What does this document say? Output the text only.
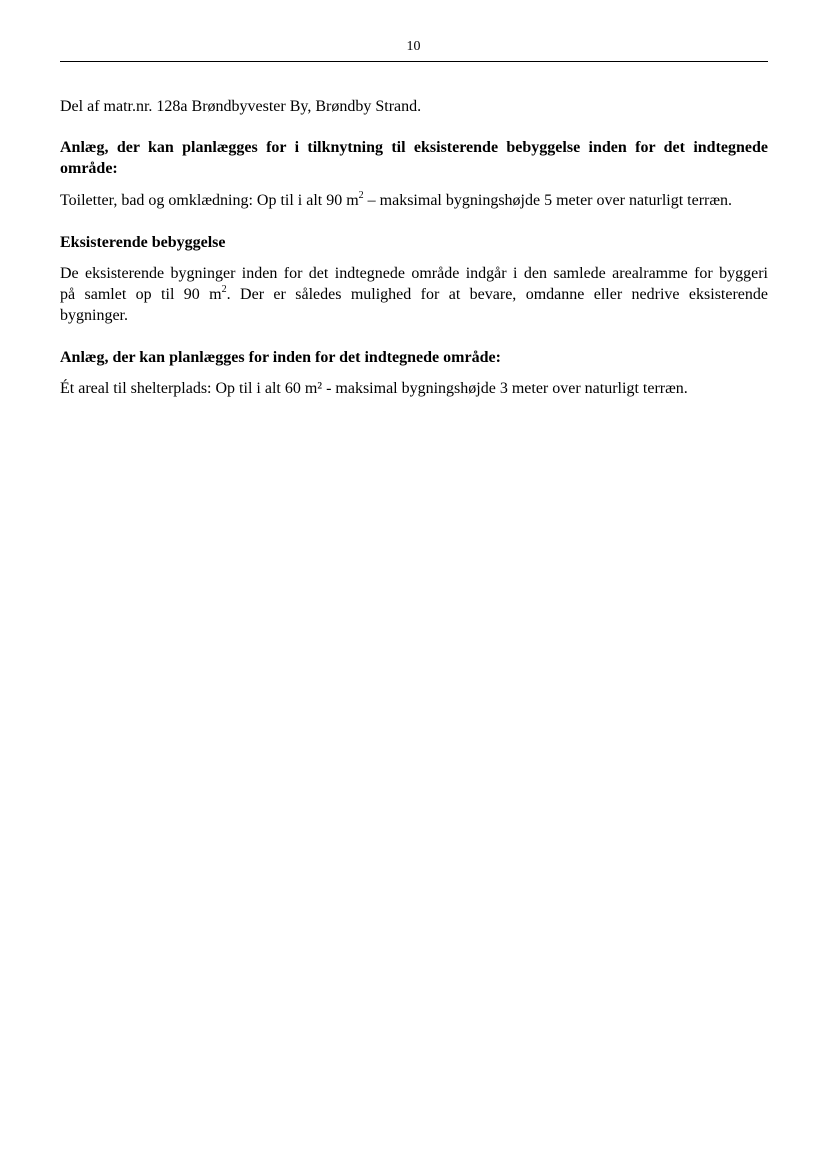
10

Del af matr.nr. 128a Brøndbyvester By, Brøndby Strand.

Anlæg, der kan planlægges for i tilknytning til eksisterende bebyggelse inden for det indtegnede
område:

Toiletter, bad og omklædning: Op til i alt 90 $m^2$ – maksimal bygningshøjde 5 meter over naturligt terræn.

Eksisterende bebyggelse

De eksisterende bygninger inden for det indtegnede område indgår i den samlede arealramme for byggeri
på samlet op til 90 $m^2$. Der er således mulighed for at bevare, omdanne eller nedrive eksisterende
bygninger.

Anlæg, der kan planlægges for inden for det indtegnede område:

Ét areal til shelterplads: Op til i alt 60 m² - maksimal bygningshøjde 3 meter over naturligt terræn.
